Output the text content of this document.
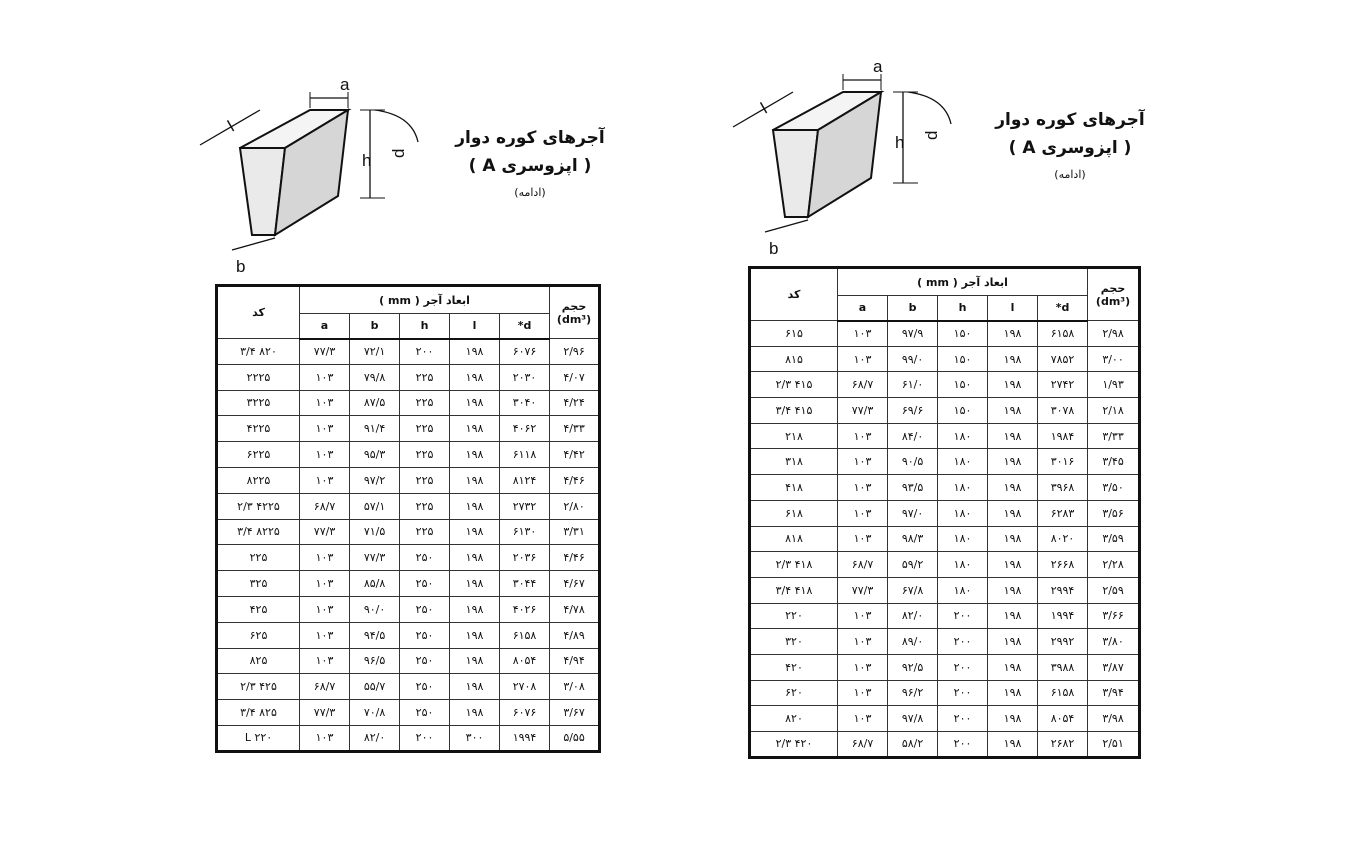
a
l
h d
b
آجرهای کوره دوار
( اپزوسری A )
(ادامه)
حجم
(dm³)	ابعاد آجر ( mm )					کد
	d*	l	h	b	a	
۲/۹۶	۶۰۷۶	۱۹۸	۲۰۰	۷۲/۱	۷۷/۳	۸۲۰ ۳/۴
۴/۰۷	۲۰۳۰	۱۹۸	۲۲۵	۷۹/۸	۱۰۳	۲۲۲۵
۴/۲۴	۳۰۴۰	۱۹۸	۲۲۵	۸۷/۵	۱۰۳	۳۲۲۵
۴/۳۳	۴۰۶۲	۱۹۸	۲۲۵	۹۱/۴	۱۰۳	۴۲۲۵
۴/۴۲	۶۱۱۸	۱۹۸	۲۲۵	۹۵/۳	۱۰۳	۶۲۲۵
۴/۴۶	۸۱۲۴	۱۹۸	۲۲۵	۹۷/۲	۱۰۳	۸۲۲۵
۲/۸۰	۲۷۳۲	۱۹۸	۲۲۵	۵۷/۱	۶۸/۷	۴۲۲۵ ۲/۳
۳/۳۱	۶۱۳۰	۱۹۸	۲۲۵	۷۱/۵	۷۷/۳	۸۲۲۵ ۳/۴
۴/۴۶	۲۰۳۶	۱۹۸	۲۵۰	۷۷/۳	۱۰۳	۲۲۵
۴/۶۷	۳۰۴۴	۱۹۸	۲۵۰	۸۵/۸	۱۰۳	۳۲۵
۴/۷۸	۴۰۲۶	۱۹۸	۲۵۰	۹۰/۰	۱۰۳	۴۲۵
۴/۸۹	۶۱۵۸	۱۹۸	۲۵۰	۹۴/۵	۱۰۳	۶۲۵
۴/۹۴	۸۰۵۴	۱۹۸	۲۵۰	۹۶/۵	۱۰۳	۸۲۵
۳/۰۸	۲۷۰۸	۱۹۸	۲۵۰	۵۵/۷	۶۸/۷	۴۲۵ ۲/۳
۳/۶۷	۶۰۷۶	۱۹۸	۲۵۰	۷۰/۸	۷۷/۳	۸۲۵ ۳/۴
۵/۵۵	۱۹۹۴	۳۰۰	۲۰۰	۸۲/۰	۱۰۳	۲۲۰ L
a
l
h d
b
آجرهای کوره دوار
( اپزوسری A )
(ادامه)
حجم
(dm³)	ابعاد آجر ( mm )					کد
	d*	l	h	b	a	
۲/۹۸	۶۱۵۸	۱۹۸	۱۵۰	۹۷/۹	۱۰۳	۶۱۵
۳/۰۰	۷۸۵۲	۱۹۸	۱۵۰	۹۹/۰	۱۰۳	۸۱۵
۱/۹۳	۲۷۴۲	۱۹۸	۱۵۰	۶۱/۰	۶۸/۷	۴۱۵ ۲/۳
۲/۱۸	۳۰۷۸	۱۹۸	۱۵۰	۶۹/۶	۷۷/۳	۴۱۵ ۳/۴
۳/۳۳	۱۹۸۴	۱۹۸	۱۸۰	۸۴/۰	۱۰۳	۲۱۸
۳/۴۵	۳۰۱۶	۱۹۸	۱۸۰	۹۰/۵	۱۰۳	۳۱۸
۳/۵۰	۳۹۶۸	۱۹۸	۱۸۰	۹۳/۵	۱۰۳	۴۱۸
۳/۵۶	۶۲۸۳	۱۹۸	۱۸۰	۹۷/۰	۱۰۳	۶۱۸
۳/۵۹	۸۰۲۰	۱۹۸	۱۸۰	۹۸/۳	۱۰۳	۸۱۸
۲/۲۸	۲۶۶۸	۱۹۸	۱۸۰	۵۹/۲	۶۸/۷	۴۱۸ ۲/۳
۲/۵۹	۲۹۹۴	۱۹۸	۱۸۰	۶۷/۸	۷۷/۳	۴۱۸ ۳/۴
۳/۶۶	۱۹۹۴	۱۹۸	۲۰۰	۸۲/۰	۱۰۳	۲۲۰
۳/۸۰	۲۹۹۲	۱۹۸	۲۰۰	۸۹/۰	۱۰۳	۳۲۰
۳/۸۷	۳۹۸۸	۱۹۸	۲۰۰	۹۲/۵	۱۰۳	۴۲۰
۳/۹۴	۶۱۵۸	۱۹۸	۲۰۰	۹۶/۲	۱۰۳	۶۲۰
۳/۹۸	۸۰۵۴	۱۹۸	۲۰۰	۹۷/۸	۱۰۳	۸۲۰
۲/۵۱	۲۶۸۲	۱۹۸	۲۰۰	۵۸/۲	۶۸/۷	۴۲۰ ۲/۳
